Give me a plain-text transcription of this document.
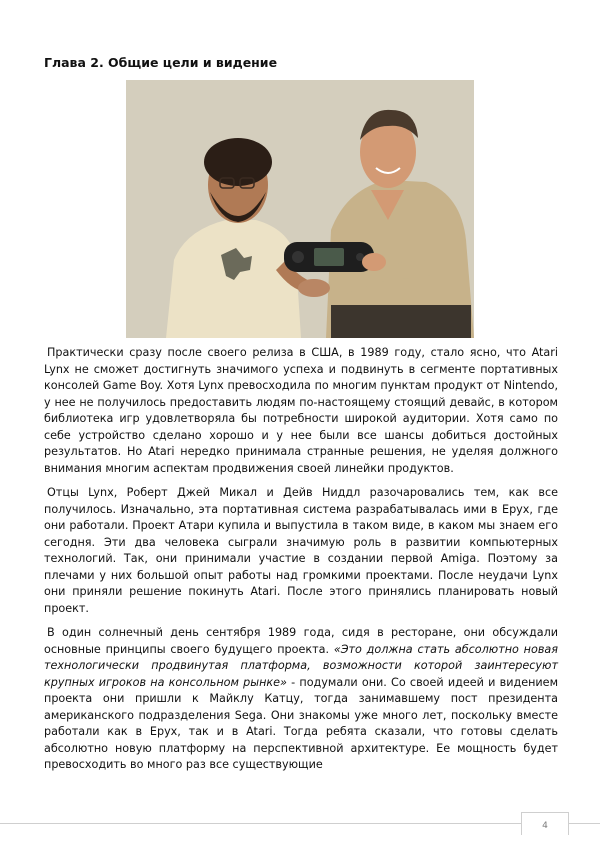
Глава 2. Общие цели и видение

Практически сразу после своего релиза в США, в 1989 году, стало ясно, что Atari Lynx не сможет достигнуть значимого успеха и подвинуть в сегменте портативных консолей Game Boy. Хотя Lynx превосходила по многим пунктам продукт от Nintendo, у нее не получилось предоставить людям по-настоящему стоящий девайс, в котором библиотека игр удовлетворяла бы потребности широкой аудитории. Хотя само по себе устройство сделано хорошо и у нее были все шансы добиться достойных результатов. Но Atari нередко принимала странные решения, не уделяя должного внимания многим аспектам продвижения своей линейки продуктов.

Отцы Lynx, Роберт Джей Микал и Дейв Ниддл разочаровались тем, как все получилось. Изначально, эта портативная система разрабатывалась ими в Epyx, где они работали. Проект Атари купила и выпустила в таком виде, в каком мы знаем его сегодня. Эти два человека сыграли значимую роль в развитии компьютерных технологий. Так, они принимали участие в создании первой Amiga. Поэтому за плечами у них большой опыт работы над громкими проектами. После неудачи Lynx они приняли решение покинуть Atari. После этого принялись планировать новый проект.

В один солнечный день сентября 1989 года, сидя в ресторане, они обсуждали основные принципы своего будущего проекта. «Это должна стать абсолютно новая технологически продвинутая платформа, возможности которой заинтересуют крупных игроков на консольном рынке» - подумали они. Со своей идеей и видением проекта они пришли к Майклу Катцу, тогда занимавшему пост президента американского подразделения Sega. Они знакомы уже много лет, поскольку вместе работали как в Epyx, так и в Atari. Тогда ребята сказали, что готовы сделать абсолютно новую платформу на перспективной архитектуре. Ее мощность будет превосходить во много раз все существующие

4
